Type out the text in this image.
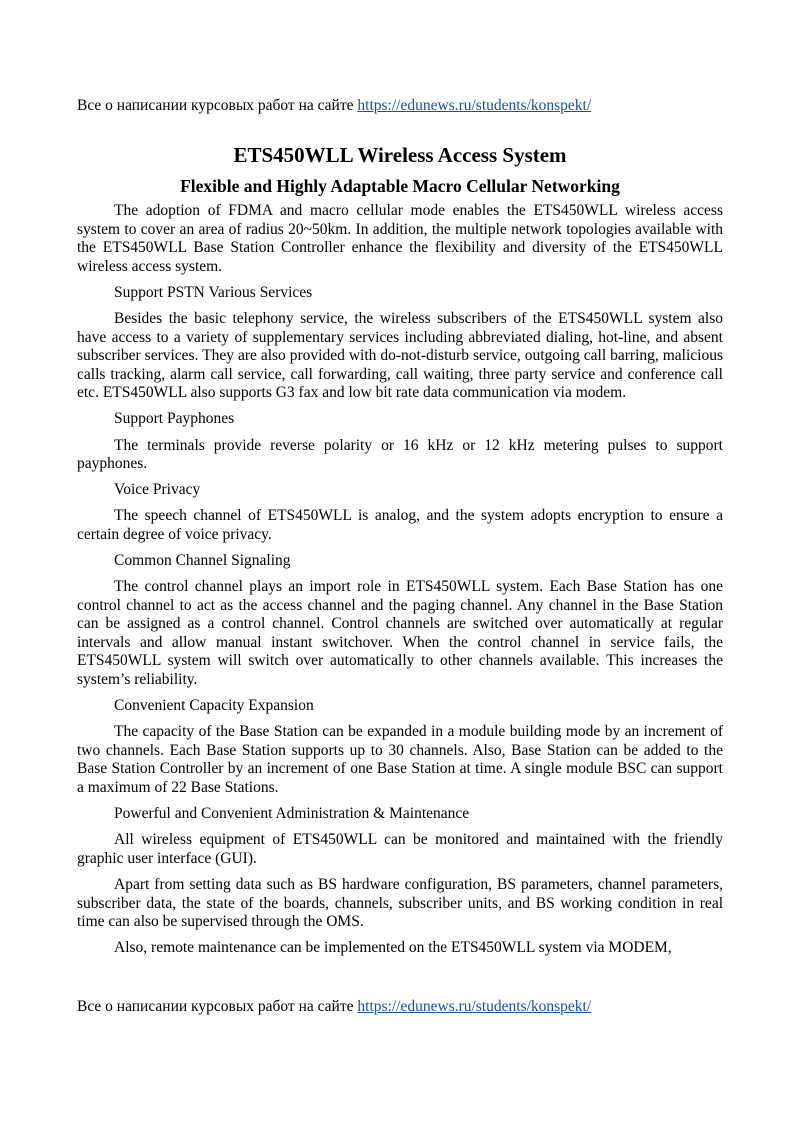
Все о написании курсовых работ на сайте https://edunews.ru/students/konspekt/
ETS450WLL Wireless Access System
Flexible and Highly Adaptable Macro Cellular Networking

The adoption of FDMA and macro cellular mode enables the ETS450WLL wireless access system to cover an area of radius 20~50km. In addition, the multiple network topologies available with the ETS450WLL Base Station Controller enhance the flexibility and diversity of the ETS450WLL wireless access system.

Support PSTN Various Services

Besides the basic telephony service, the wireless subscribers of the ETS450WLL system also have access to a variety of supplementary services including abbreviated dialing, hot-line, and absent subscriber services. They are also provided with do-not-disturb service, outgoing call barring, malicious calls tracking, alarm call service, call forwarding, call waiting, three party service and conference call etc. ETS450WLL also supports G3 fax and low bit rate data communication via modem.

Support Payphones

The terminals provide reverse polarity or 16 kHz or 12 kHz metering pulses to support payphones.

Voice Privacy

The speech channel of ETS450WLL is analog, and the system adopts encryption to ensure a certain degree of voice privacy.

Common Channel Signaling

The control channel plays an import role in ETS450WLL system. Each Base Station has one control channel to act as the access channel and the paging channel. Any channel in the Base Station can be assigned as a control channel. Control channels are switched over automatically at regular intervals and allow manual instant switchover. When the control channel in service fails, the ETS450WLL system will switch over automatically to other channels available. This increases the system’s reliability.

Convenient Capacity Expansion

The capacity of the Base Station can be expanded in a module building mode by an increment of two channels. Each Base Station supports up to 30 channels. Also, Base Station can be added to the Base Station Controller by an increment of one Base Station at time. A single module BSC can support a maximum of 22 Base Stations.

Powerful and Convenient Administration & Maintenance

All wireless equipment of ETS450WLL can be monitored and maintained with the friendly graphic user interface (GUI).

Apart from setting data such as BS hardware configuration, BS parameters, channel parameters, subscriber data, the state of the boards, channels, subscriber units, and BS working condition in real time can also be supervised through the OMS.

Also, remote maintenance can be implemented on the ETS450WLL system via MODEM,

Все о написании курсовых работ на сайте https://edunews.ru/students/konspekt/
